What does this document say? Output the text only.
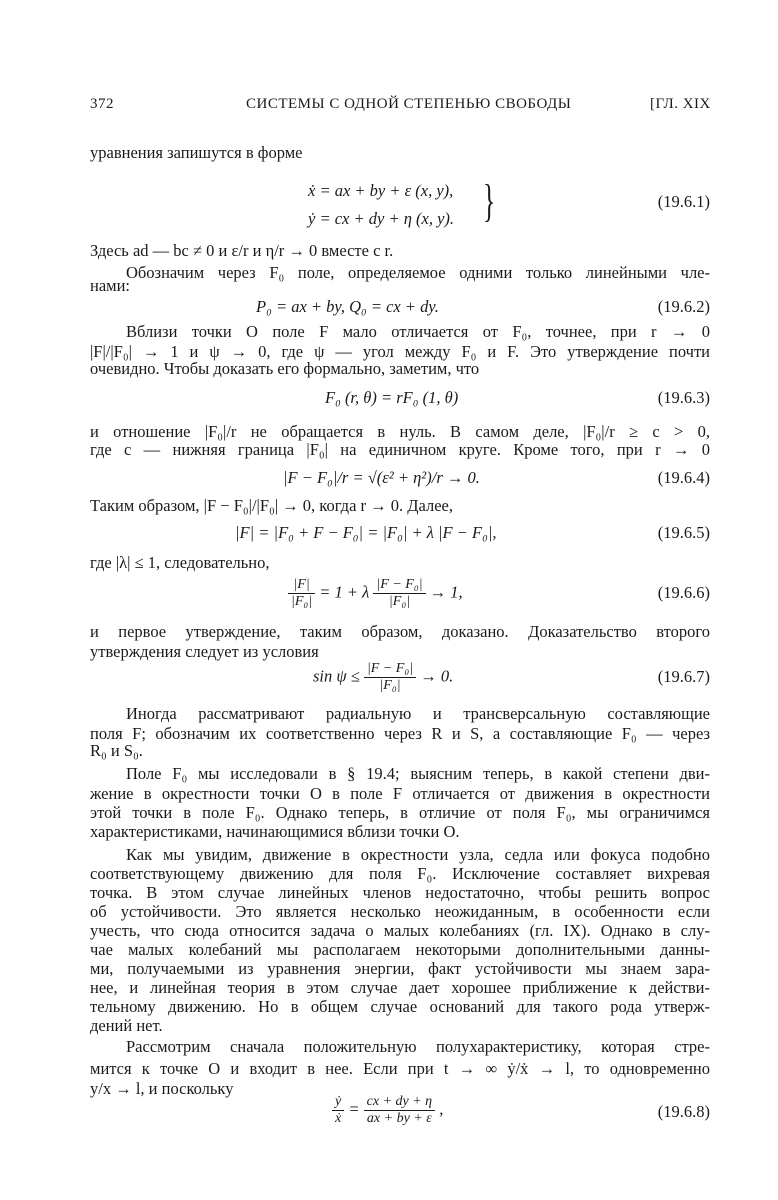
372	СИСТЕМЫ С ОДНОЙ СТЕПЕНЬЮ СВОБОДЫ	[ГЛ. XIX
уравнения запишутся в форме
ẋ = ax + by + ε (x, y),
ẏ = cx + dy + η (x, y). }	(19.6.1)
Здесь ad — bc ≠ 0 и ε/r и η/r → 0 вместе с r.
Обозначим через F₀ поле, определяемое одними только линейными чле-
нами:
P₀ = ax + by, Q₀ = cx + dy.	(19.6.2)
Вблизи точки O поле F мало отличается от F₀, точнее, при r → 0
|F|/|F₀| → 1 и ψ → 0, где ψ — угол между F₀ и F. Это утверждение почти
очевидно. Чтобы доказать его формально, заметим, что
F₀ (r, θ) = rF₀ (1, θ)	(19.6.3)
и отношение |F₀|/r не обращается в нуль. В самом деле, |F₀|/r ≥ c > 0,
где c — нижняя граница |F₀| на единичном круге. Кроме того, при r → 0
|F − F₀|/r = √(ε² + η²)/r → 0.	(19.6.4)
Таким образом, |F − F₀|/|F₀| → 0, когда r → 0. Далее,
|F| = |F₀ + F − F₀| = |F₀| + λ |F − F₀|,	(19.6.5)
где |λ| ≤ 1, следовательно,
$\frac{|F|}{\text{|F₀|}} = 1 + \lambda \frac{\text{|F − F₀|}}{\text{|F₀|}} \to 1$,	(19.6.6)
и первое утверждение, таким образом, доказано. Доказательство второго
утверждения следует из условия
$\sin \psi \le \frac{\text{|F − F₀|}}{\text{|F₀|}} \to 0$.	(19.6.7)
Иногда рассматривают радиальную и трансверсальную составляющие
поля F; обозначим их соответственно через R и S, а составляющие F₀ — через
R₀ и S₀.
Поле F₀ мы исследовали в § 19.4; выясним теперь, в какой степени дви-
жение в окрестности точки O в поле F отличается от движения в окрестности
этой точки в поле F₀. Однако теперь, в отличие от поля F₀, мы ограничимся
характеристиками, начинающимися вблизи точки O.
Как мы увидим, движение в окрестности узла, седла или фокуса подобно
соответствующему движению для поля F₀. Исключение составляет вихревая
точка. В этом случае линейных членов недостаточно, чтобы решить вопрос
об устойчивости. Это является несколько неожиданным, в особенности если
учесть, что сюда относится задача о малых колебаниях (гл. IX). Однако в слу-
чае малых колебаний мы располагаем некоторыми дополнительными данны-
ми, получаемыми из уравнения энергии, факт устойчивости мы знаем зара-
нее, и линейная теория в этом случае дает хорошее приближение к действи-
тельному движению. Но в общем случае оснований для такого рода утверж-
дений нет.
Рассмотрим сначала положительную полухарактеристику, которая стре-
мится к точке O и входит в нее. Если при t → ∞ ẏ/ẋ → l, то одновременно
y/x → l, и поскольку
$\frac{\text{ẏ}}{\text{ẋ}} = \frac{cx + dy + \eta}{ax + by + \varepsilon}$ ,	(19.6.8)
